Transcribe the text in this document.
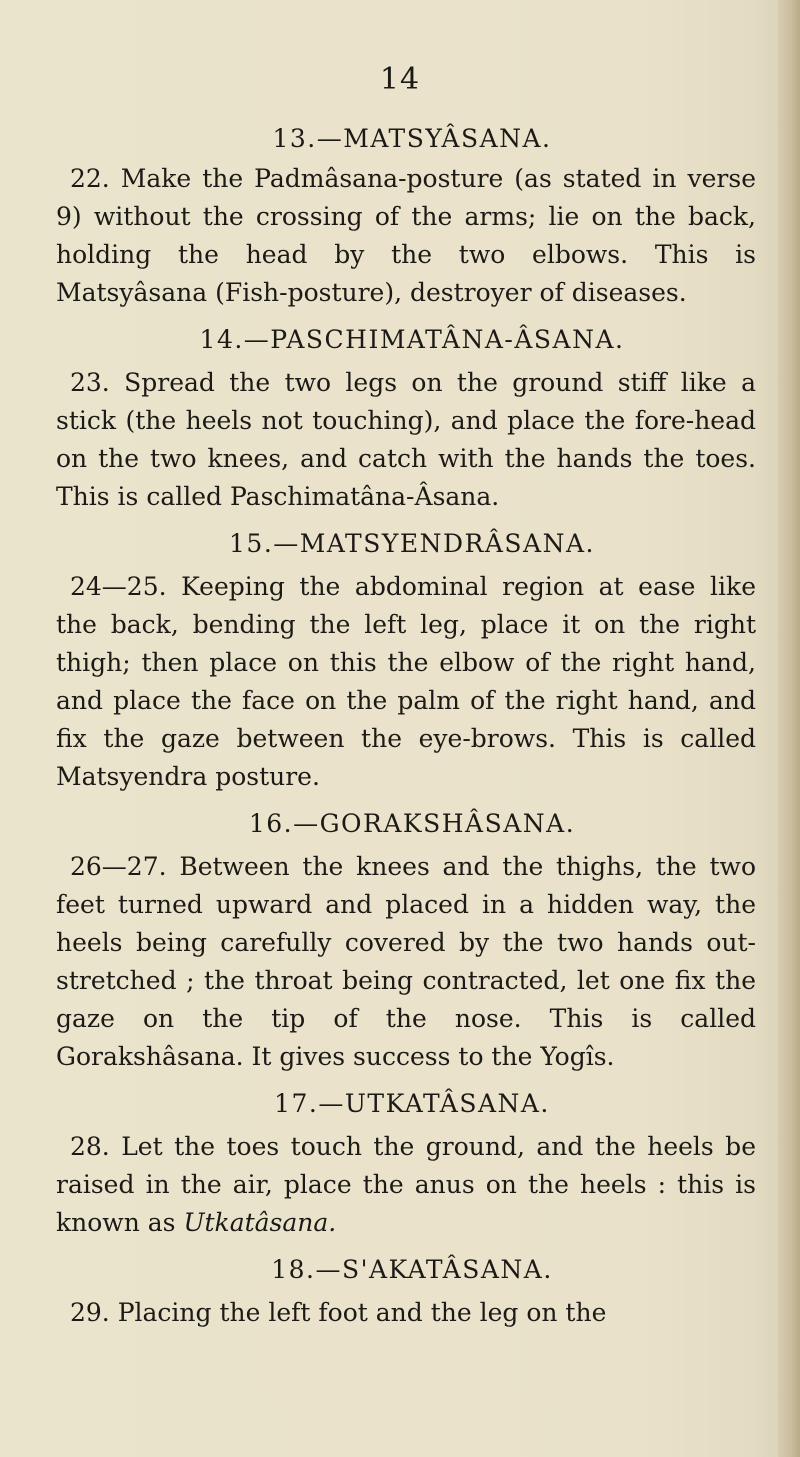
14

13.—MATSYÂSANA.

22. Make the Padmâsana-posture (as stated in verse 9) without the crossing of the arms; lie on the back, holding the head by the two elbows. This is Matsyâsana (Fish-posture), destroyer of diseases.

14.—PASCHIMATÂNA-ÂSANA.

23. Spread the two legs on the ground stiff like a stick (the heels not touching), and place the fore-head on the two knees, and catch with the hands the toes. This is called Paschimatâna-Âsana.

15.—MATSYENDRÂSANA.

24—25. Keeping the abdominal region at ease like the back, bending the left leg, place it on the right thigh; then place on this the elbow of the right hand, and place the face on the palm of the right hand, and fix the gaze between the eye-brows. This is called Matsyendra posture.

16.—GORAKSHÂSANA.

26—27. Between the knees and the thighs, the two feet turned upward and placed in a hidden way, the heels being carefully covered by the two hands out-stretched ; the throat being contracted, let one fix the gaze on the tip of the nose. This is called Gorakshâsana. It gives success to the Yogîs.

17.—UTKATÂSANA.

28. Let the toes touch the ground, and the heels be raised in the air, place the anus on the heels : this is known as Utkatâsana.

18.—S'AKATÂSANA.

29. Placing the left foot and the leg on the
